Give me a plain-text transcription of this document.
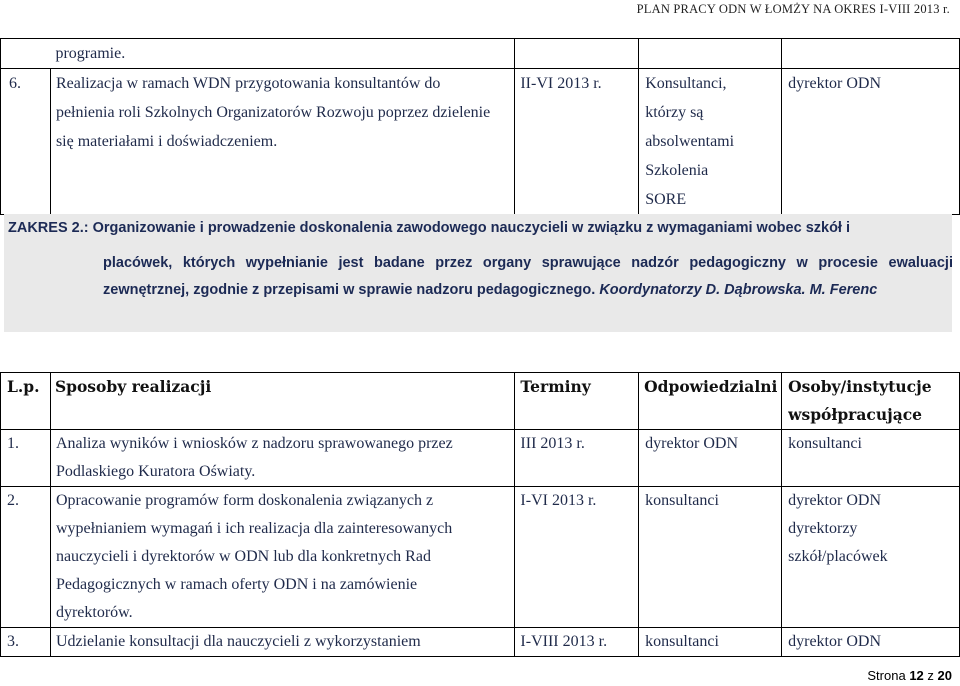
PLAN PRACY ODN W ŁOMŻY NA OKRES I-VIII 2013 r.
	programie.			
6.	Realizacja w ramach WDN przygotowania konsultantów do pełnienia roli Szkolnych Organizatorów Rozwoju poprzez dzielenie się materiałami i doświadczeniem.	II-VI 2013 r.	Konsultanci, którzy są absolwentami Szkolenia SORE	dyrektor ODN
ZAKRES 2.: Organizowanie i prowadzenie doskonalenia zawodowego nauczycieli w związku z wymaganiami wobec szkół i
placówek, których wypełnianie jest badane przez organy sprawujące nadzór pedagogiczny w procesie ewaluacji zewnętrznej, zgodnie z przepisami w sprawie nadzoru pedagogicznego. Koordynatorzy D. Dąbrowska. M. Ferenc
L.p.	Sposoby realizacji	Terminy	Odpowiedzialni	Osoby/instytucje współpracujące
1.	Analiza wyników i wniosków z nadzoru sprawowanego przez Podlaskiego Kuratora Oświaty.	III 2013 r.	dyrektor ODN	konsultanci
2.	Opracowanie programów form doskonalenia związanych z wypełnianiem wymagań i ich realizacja dla zainteresowanych nauczycieli i dyrektorów w ODN lub dla konkretnych Rad Pedagogicznych w ramach oferty ODN i na zamówienie dyrektorów.	I-VI 2013 r.	konsultanci	dyrektor ODN dyrektorzy szkół/placówek
3.	Udzielanie konsultacji dla nauczycieli z wykorzystaniem	I-VIII 2013 r.	konsultanci	dyrektor ODN
Strona 12 z 20
